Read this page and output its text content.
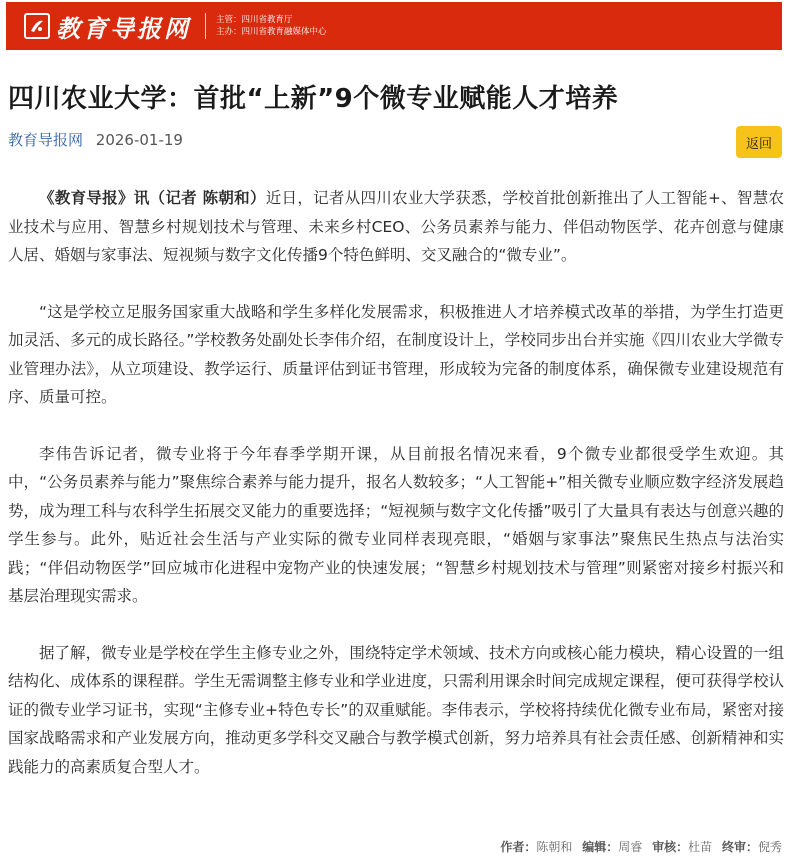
教育导报网	主管：四川省教育厅
主办：四川省教育融媒体中心
四川农业大学：首批“上新”9个微专业赋能人才培养
教育导报网 2026-01-19	返回

《教育导报》讯（记者 陈朝和）近日，记者从四川农业大学获悉，学校首批创新推出了人工智能+、智慧农业技术与应用、智慧乡村规划技术与管理、未来乡村CEO、公务员素养与能力、伴侣动物医学、花卉创意与健康人居、婚姻与家事法、短视频与数字文化传播9个特色鲜明、交叉融合的“微专业”。

“这是学校立足服务国家重大战略和学生多样化发展需求，积极推进人才培养模式改革的举措，为学生打造更加灵活、多元的成长路径。”学校教务处副处长李伟介绍，在制度设计上，学校同步出台并实施《四川农业大学微专业管理办法》，从立项建设、教学运行、质量评估到证书管理，形成较为完备的制度体系，确保微专业建设规范有序、质量可控。

李伟告诉记者，微专业将于今年春季学期开课，从目前报名情况来看，9个微专业都很受学生欢迎。其中，“公务员素养与能力”聚焦综合素养与能力提升，报名人数较多；“人工智能+”相关微专业顺应数字经济发展趋势，成为理工科与农科学生拓展交叉能力的重要选择；“短视频与数字文化传播”吸引了大量具有表达与创意兴趣的学生参与。此外，贴近社会生活与产业实际的微专业同样表现亮眼，“婚姻与家事法”聚焦民生热点与法治实践；“伴侣动物医学”回应城市化进程中宠物产业的快速发展；“智慧乡村规划技术与管理”则紧密对接乡村振兴和基层治理现实需求。

据了解，微专业是学校在学生主修专业之外，围绕特定学术领域、技术方向或核心能力模块，精心设置的一组结构化、成体系的课程群。学生无需调整主修专业和学业进度，只需利用课余时间完成规定课程，便可获得学校认证的微专业学习证书，实现“主修专业+特色专长”的双重赋能。李伟表示，学校将持续优化微专业布局，紧密对接国家战略需求和产业发展方向，推动更多学科交叉融合与教学模式创新，努力培养具有社会责任感、创新精神和实践能力的高素质复合型人才。

作者：陈朝和 编辑：周睿 审核：杜苗 终审：倪秀
